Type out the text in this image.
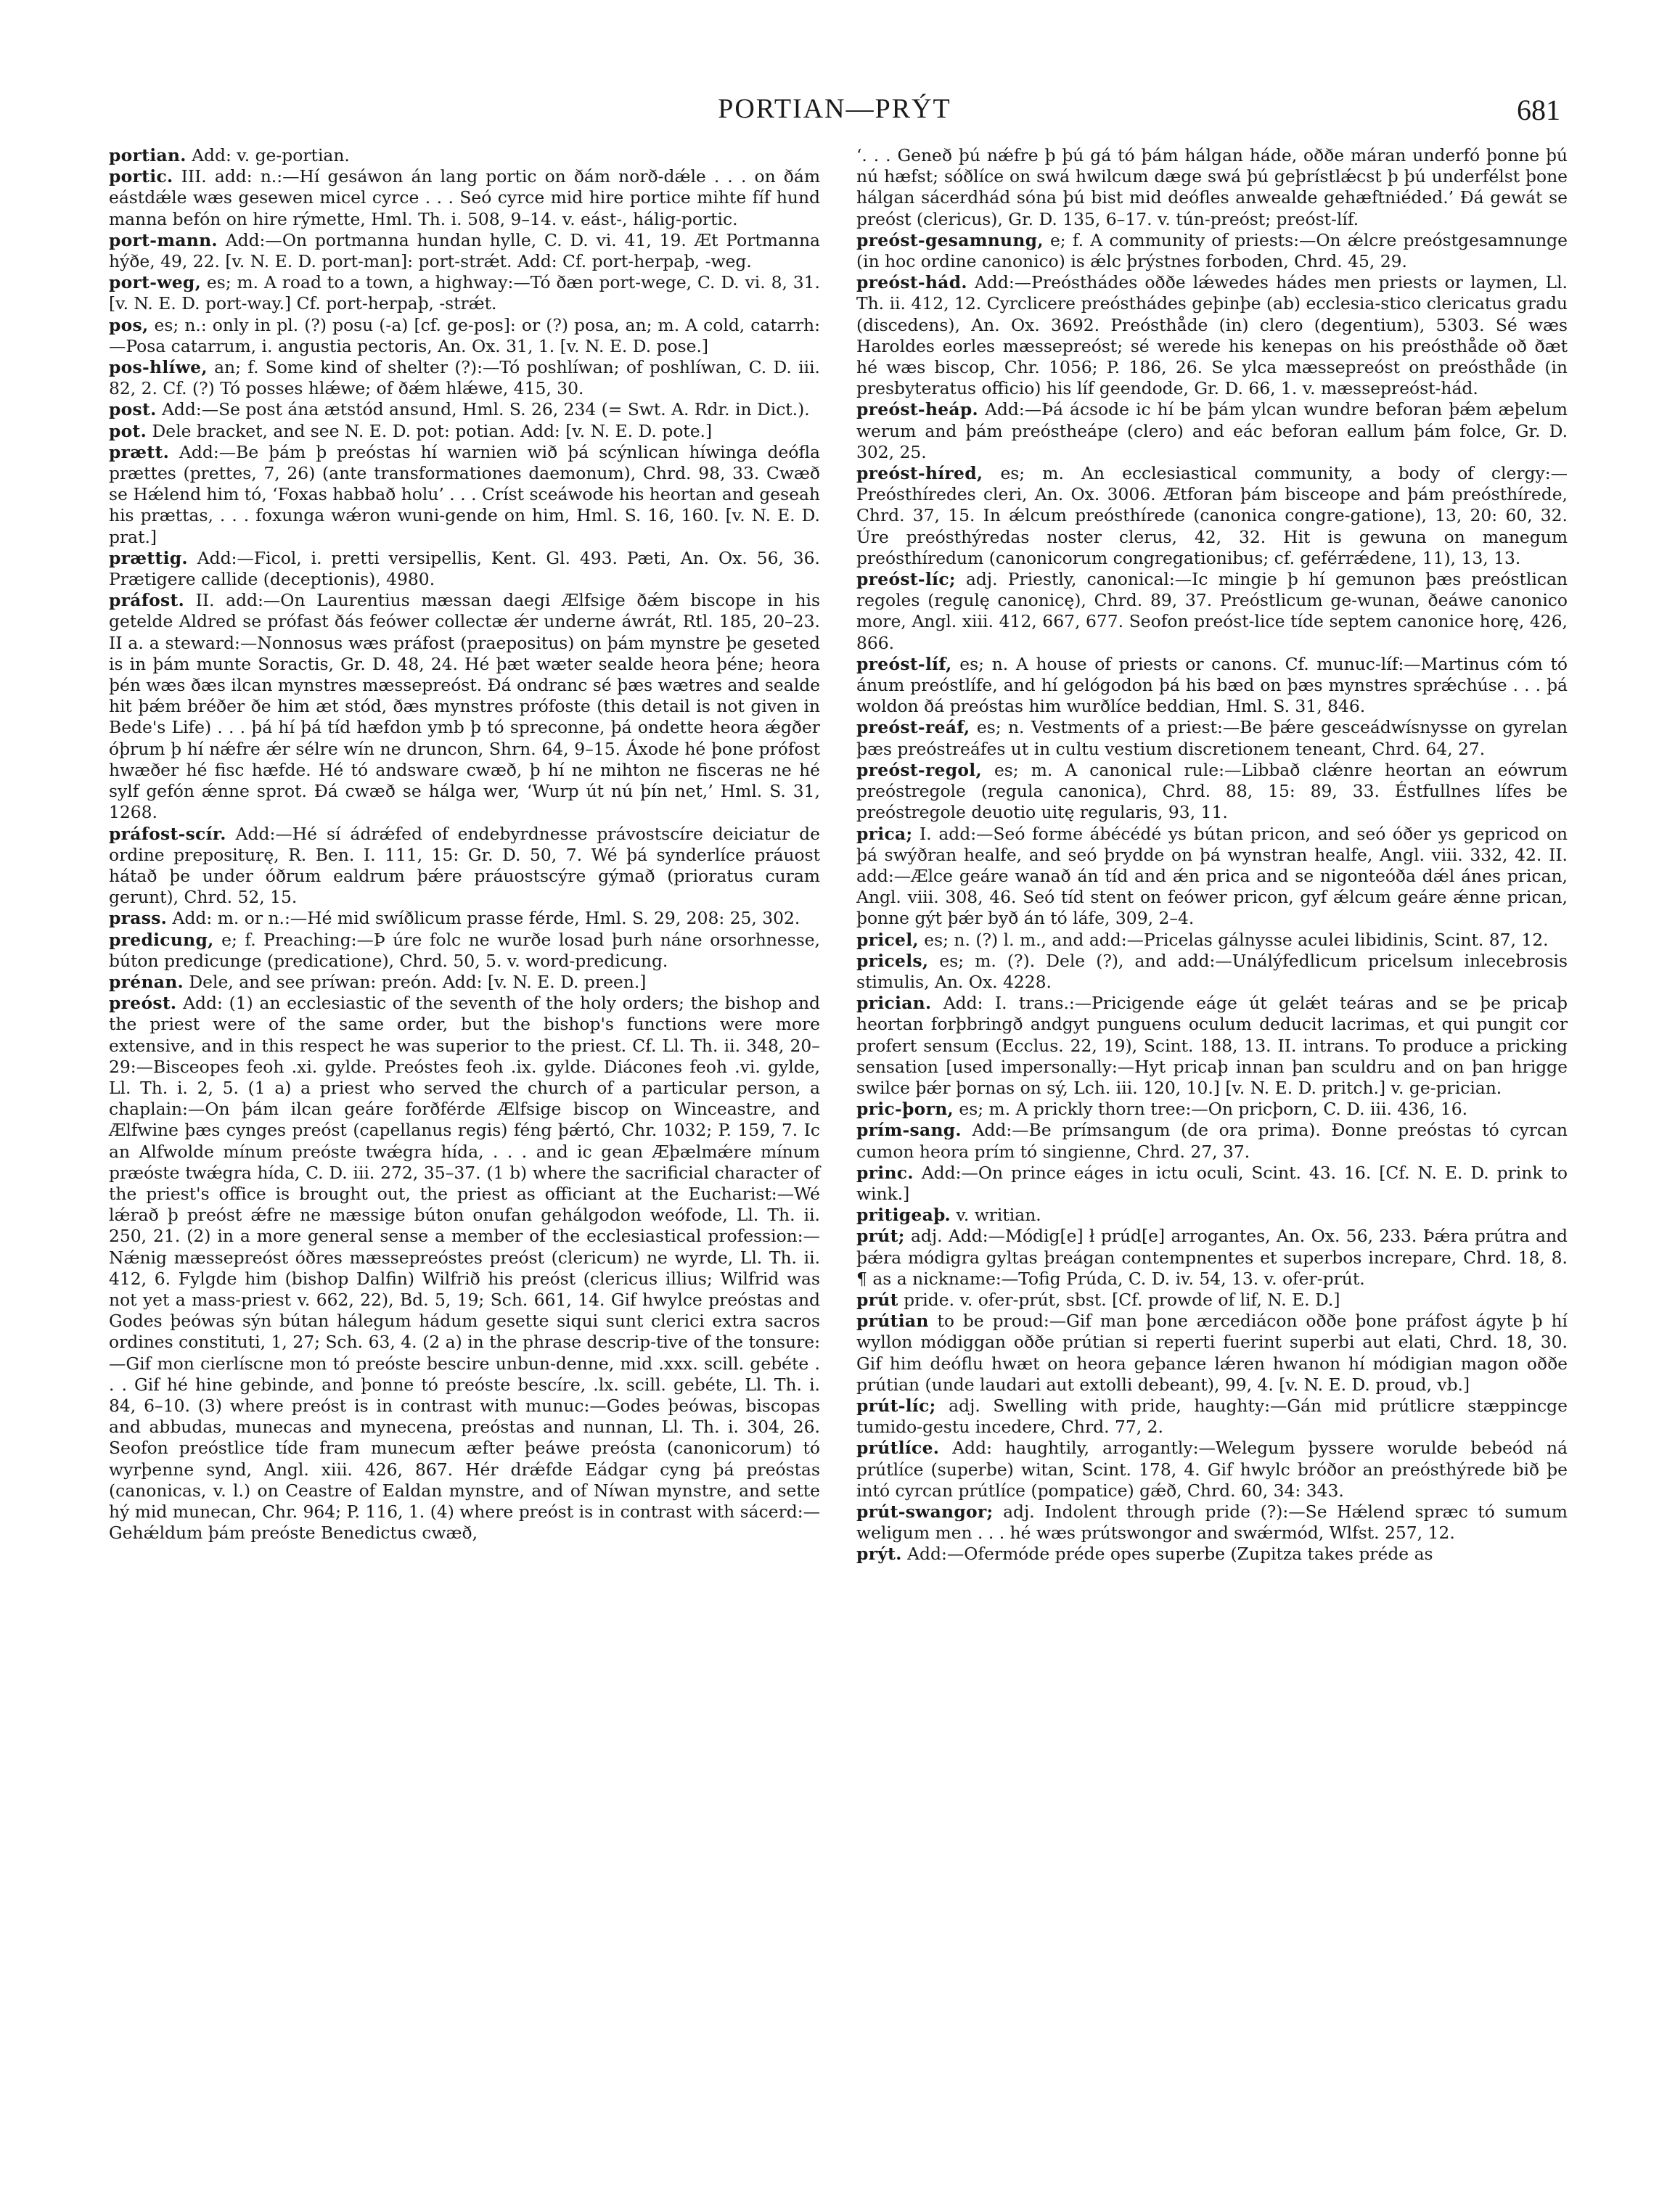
PORTIAN—PRÝT	681
portian. Add: v. ge-portian.
portic. III. add: n.:—Hí gesáwon án lang portic on ðám norð-dǽle . . . on ðám eástdǽle wæs gesewen micel cyrce . . . Seó cyrce mid hire portice mihte fíf hund manna befón on hire rýmette, Hml. Th. i. 508, 9–14. v. eást-, hálig-portic.
port-mann. Add:—On portmanna hundan hylle, C. D. vi. 41, 19. Æt Portmanna hýðe, 49, 22. [v. N. E. D. port-man]: port-strǽt. Add: Cf. port-herpaþ, -weg.
port-weg, es; m. A road to a town, a highway:—Tó ðæn port-wege, C. D. vi. 8, 31. [v. N. E. D. port-way.] Cf. port-herpaþ, -strǽt.
pos, es; n.: only in pl. (?) posu (-a) [cf. ge-pos]: or (?) posa, an; m. A cold, catarrh:—Posa catarrum, i. angustia pectoris, An. Ox. 31, 1. [v. N. E. D. pose.]
pos-hlíwe, an; f. Some kind of shelter (?):—Tó poshlíwan; of poshlíwan, C. D. iii. 82, 2. Cf. (?) Tó posses hlǽwe; of ðǽm hlǽwe, 415, 30.
post. Add:—Se post ána ætstód ansund, Hml. S. 26, 234 (= Swt. A. Rdr. in Dict.).
pot. Dele bracket, and see N. E. D. pot: potian. Add: [v. N. E. D. pote.]
prætt. Add:—Be þám þ preóstas hí warnien wið þá scýnlican híwinga deófla prættes (prettes, 7, 26) (ante transformationes daemonum), Chrd. 98, 33. Cwæð se Hǽlend him tó, ‘Foxas habbað holu’ . . . Críst sceáwode his heortan and geseah his prættas, . . . foxunga wǽron wuni-gende on him, Hml. S. 16, 160. [v. N. E. D. prat.]
prættig. Add:—Ficol, i. pretti versipellis, Kent. Gl. 493. Pæti, An. Ox. 56, 36. Prætigere callide (deceptionis), 4980.
práfost. II. add:—On Laurentius mæssan daegi Ælfsige ðǽm biscope in his getelde Aldred se prófast ðás feówer collectæ ǽr underne áwrát, Rtl. 185, 20–23. II a. a steward:—Nonnosus wæs práfost (praepositus) on þám mynstre þe geseted is in þám munte Soractis, Gr. D. 48, 24. Hé þæt wæter sealde heora þéne; heora þén wæs ðæs ilcan mynstres mæssepreóst. Ðá ondranc sé þæs wætres and sealde hit þǽm bréðer ðe him æt stód, ðæs mynstres prófoste (this detail is not given in Bede's Life) . . . þá hí þá tíd hæfdon ymb þ tó spreconne, þá ondette heora ǽgðer óþrum þ hí nǽfre ǽr sélre wín ne druncon, Shrn. 64, 9–15. Áxode hé þone prófost hwæðer hé fisc hæfde. Hé tó andsware cwæð, þ hí ne mihton ne fisceras ne hé sylf gefón ǽnne sprot. Ðá cwæð se hálga wer, ‘Wurp út nú þín net,’ Hml. S. 31, 1268.
práfost-scír. Add:—Hé sí ádrǽfed of endebyrdnesse právostscíre deiciatur de ordine prepositurę, R. Ben. I. 111, 15: Gr. D. 50, 7. Wé þá synderlíce práuost hátað þe under óðrum ealdrum þǽre práuostscýre gýmað (prioratus curam gerunt), Chrd. 52, 15.
prass. Add: m. or n.:—Hé mid swíðlicum prasse férde, Hml. S. 29, 208: 25, 302.
predicung, e; f. Preaching:—Þ úre folc ne wurðe losad þurh náne orsorhnesse, búton predicunge (predicatione), Chrd. 50, 5. v. word-predicung.
prénan. Dele, and see príwan: preón. Add: [v. N. E. D. preen.]
preóst. Add: (1) an ecclesiastic of the seventh of the holy orders; the bishop and the priest were of the same order, but the bishop's functions were more extensive, and in this respect he was superior to the priest. Cf. Ll. Th. ii. 348, 20–29:—Bisceopes feoh .xi. gylde. Preóstes feoh .ix. gylde. Diácones feoh .vi. gylde, Ll. Th. i. 2, 5. (1 a) a priest who served the church of a particular person, a chaplain:—On þám ilcan geáre forðférde Ælfsige biscop on Winceastre, and Ælfwine þæs cynges preóst (capellanus regis) féng þǽrtó, Chr. 1032; P. 159, 7. Ic an Alfwolde mínum preóste twǽgra hída, . . . and ic gean Æþælmǽre mínum præóste twǽgra hída, C. D. iii. 272, 35–37. (1 b) where the sacrificial character of the priest's office is brought out, the priest as officiant at the Eucharist:—Wé lǽrað þ preóst ǽfre ne mæssige búton onufan gehálgodon weófode, Ll. Th. ii. 250, 21. (2) in a more general sense a member of the ecclesiastical profession:—Nǽnig mæssepreóst óðres mæssepreóstes preóst (clericum) ne wyrde, Ll. Th. ii. 412, 6. Fylgde him (bishop Dalfin) Wilfrið his preóst (clericus illius; Wilfrid was not yet a mass-priest v. 662, 22), Bd. 5, 19; Sch. 661, 14. Gif hwylce preóstas and Godes þeówas sýn bútan hálegum hádum gesette siqui sunt clerici extra sacros ordines constituti, 1, 27; Sch. 63, 4. (2 a) in the phrase descrip-tive of the tonsure:—Gif mon cierlíscne mon tó preóste bescire unbun-denne, mid .xxx. scill. gebéte . . . Gif hé hine gebinde, and þonne tó preóste bescíre, .lx. scill. gebéte, Ll. Th. i. 84, 6–10. (3) where preóst is in contrast with munuc:—Godes þeówas, biscopas and abbudas, munecas and mynecena, preóstas and nunnan, Ll. Th. i. 304, 26. Seofon preóstlice tíde fram munecum æfter þeáwe preósta (canonicorum) tó wyrþenne synd, Angl. xiii. 426, 867. Hér drǽfde Eádgar cyng þá preóstas (canonicas, v. l.) on Ceastre of Ealdan mynstre, and of Níwan mynstre, and sette hý mid munecan, Chr. 964; P. 116, 1. (4) where preóst is in contrast with sácerd:—Gehǽldum þám preóste Benedictus cwæð,
‘. . . Geneð þú nǽfre þ þú gá tó þám hálgan háde, oððe máran underfó þonne þú nú hæfst; sóðlíce on swá hwilcum dæge swá þú geþrístlǽcst þ þú underfélst þone hálgan sácerdhád sóna þú bist mid deófles anwealde gehæftniéded.’ Ðá gewát se preóst (clericus), Gr. D. 135, 6–17. v. tún-preóst; preóst-líf.
preóst-gesamnung, e; f. A community of priests:—On ǽlcre preóstgesamnunge (in hoc ordine canonico) is ǽlc þrýstnes forboden, Chrd. 45, 29.
preóst-hád. Add:—Preósthádes oððe lǽwedes hádes men priests or laymen, Ll. Th. ii. 412, 12. Cyrclicere preósthádes geþinþe (ab) ecclesia-stico clericatus gradu (discedens), An. Ox. 3692. Preósthåde (in) clero (degentium), 5303. Sé wæs Haroldes eorles mæssepreóst; sé werede his kenepas on his preósthåde oð ðæt hé wæs biscop, Chr. 1056; P. 186, 26. Se ylca mæssepreóst on preósthåde (in presbyteratus officio) his líf geendode, Gr. D. 66, 1. v. mæssepreóst-hád.
preóst-heáp. Add:—Þá ácsode ic hí be þám ylcan wundre beforan þǽm æþelum werum and þám preóstheápe (clero) and eác beforan eallum þám folce, Gr. D. 302, 25.
preóst-híred, es; m. An ecclesiastical community, a body of clergy:—Preósthíredes cleri, An. Ox. 3006. Ætforan þám bisceope and þám preósthírede, Chrd. 37, 15. In ǽlcum preósthírede (canonica congre-gatione), 13, 20: 60, 32. Úre preósthýredas noster clerus, 42, 32. Hit is gewuna on manegum preósthíredum (canonicorum congregationibus; cf. geférrǽdene, 11), 13, 13.
preóst-líc; adj. Priestly, canonical:—Ic mingie þ hí gemunon þæs preóstlican regoles (regulę canonicę), Chrd. 89, 37. Preóstlicum ge-wunan, ðeáwe canonico more, Angl. xiii. 412, 667, 677. Seofon preóst-lice tíde septem canonice horę, 426, 866.
preóst-líf, es; n. A house of priests or canons. Cf. munuc-líf:—Martinus cóm tó ánum preóstlífe, and hí gelógodon þá his bæd on þæs mynstres sprǽchúse . . . þá woldon ðá preóstas him wurðlíce beddian, Hml. S. 31, 846.
preóst-reáf, es; n. Vestments of a priest:—Be þǽre gesceádwísnysse on gyrelan þæs preóstreáfes ut in cultu vestium discretionem teneant, Chrd. 64, 27.
preóst-regol, es; m. A canonical rule:—Libbað clǽnre heortan an eówrum preóstregole (regula canonica), Chrd. 88, 15: 89, 33. Éstfullnes lífes be preóstregole deuotio uitę regularis, 93, 11.
prica; I. add:—Seó forme ábécédé ys bútan pricon, and seó óðer ys gepricod on þá swýðran healfe, and seó þrydde on þá wynstran healfe, Angl. viii. 332, 42. II. add:—Ælce geáre wanað án tíd and ǽn prica and se nigonteóða dǽl ánes prican, Angl. viii. 308, 46. Seó tíd stent on feówer pricon, gyf ǽlcum geáre ǽnne prican, þonne gýt þǽr byð án tó láfe, 309, 2–4.
pricel, es; n. (?) l. m., and add:—Pricelas gálnysse aculei libidinis, Scint. 87, 12.
pricels, es; m. (?). Dele (?), and add:—Unálýfedlicum pricelsum inlecebrosis stimulis, An. Ox. 4228.
prician. Add: I. trans.:—Pricigende eáge út gelǽt teáras and se þe pricaþ heortan forþbringð andgyt punguens oculum deducit lacrimas, et qui pungit cor profert sensum (Ecclus. 22, 19), Scint. 188, 13. II. intrans. To produce a pricking sensation [used impersonally:—Hyt pricaþ innan þan sculdru and on þan hrigge swilce þǽr þornas on sý, Lch. iii. 120, 10.] [v. N. E. D. pritch.] v. ge-prician.
pric-þorn, es; m. A prickly thorn tree:—On pricþorn, C. D. iii. 436, 16.
prím-sang. Add:—Be prímsangum (de ora prima). Ðonne preóstas tó cyrcan cumon heora prím tó singienne, Chrd. 27, 37.
princ. Add:—On prince eáges in ictu oculi, Scint. 43. 16. [Cf. N. E. D. prink to wink.]
pritigeaþ. v. writian.
prút; adj. Add:—Módig[e] ł prúd[e] arrogantes, An. Ox. 56, 233. Þǽra prútra and þǽra módigra gyltas þreágan contempnentes et superbos increpare, Chrd. 18, 8. ¶ as a nickname:—Tofig Prúda, C. D. iv. 54, 13. v. ofer-prút.
prút pride. v. ofer-prút, sbst. [Cf. prowde of lif, N. E. D.]
prútian to be proud:—Gif man þone ærcediácon oððe þone práfost ágyte þ hí wyllon módiggan oððe prútian si reperti fuerint superbi aut elati, Chrd. 18, 30. Gif him deóflu hwæt on heora geþance lǽren hwanon hí módigian magon oððe prútian (unde laudari aut extolli debeant), 99, 4. [v. N. E. D. proud, vb.]
prút-líc; adj. Swelling with pride, haughty:—Gán mid prútlicre stæppincge tumido-gestu incedere, Chrd. 77, 2.
prútlíce. Add: haughtily, arrogantly:—Welegum þyssere worulde bebeód ná prútlíce (superbe) witan, Scint. 178, 4. Gif hwylc bróðor an preósthýrede bið þe intó cyrcan prútlíce (pompatice) gǽð, Chrd. 60, 34: 343.
prút-swangor; adj. Indolent through pride (?):—Se Hǽlend spræc tó sumum weligum men . . . hé wæs prútswongor and swǽrmód, Wlfst. 257, 12.
prýt. Add:—Ofermóde préde opes superbe (Zupitza takes préde as
